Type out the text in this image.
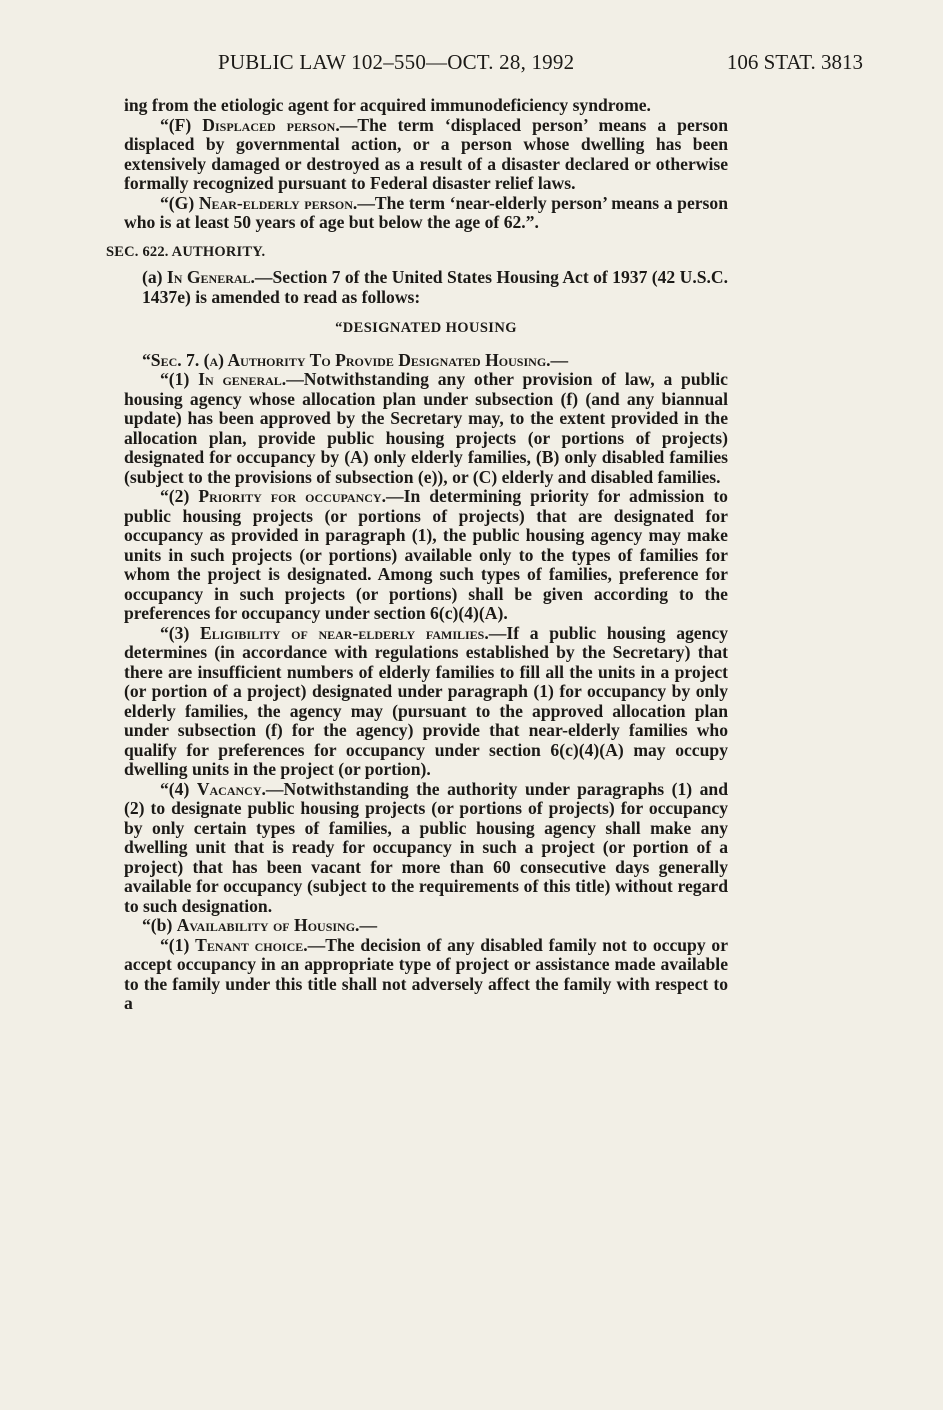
PUBLIC LAW 102–550—OCT. 28, 1992	106 STAT. 3813

ing from the etiologic agent for acquired immunodeficiency syndrome.

“(F) Displaced person.—The term ‘displaced person’ means a person displaced by governmental action, or a person whose dwelling has been extensively damaged or destroyed as a result of a disaster declared or otherwise formally recognized pursuant to Federal disaster relief laws.

“(G) Near-elderly person.—The term ‘near-elderly person’ means a person who is at least 50 years of age but below the age of 62.”.

SEC. 622. AUTHORITY.

(a) In General.—Section 7 of the United States Housing Act of 1937 (42 U.S.C. 1437e) is amended to read as follows:

“DESIGNATED HOUSING

“Sec. 7. (a) Authority To Provide Designated Housing.—

“(1) In general.—Notwithstanding any other provision of law, a public housing agency whose allocation plan under subsection (f) (and any biannual update) has been approved by the Secretary may, to the extent provided in the allocation plan, provide public housing projects (or portions of projects) designated for occupancy by (A) only elderly families, (B) only disabled families (subject to the provisions of subsection (e)), or (C) elderly and disabled families.

“(2) Priority for occupancy.—In determining priority for admission to public housing projects (or portions of projects) that are designated for occupancy as provided in paragraph (1), the public housing agency may make units in such projects (or portions) available only to the types of families for whom the project is designated. Among such types of families, preference for occupancy in such projects (or portions) shall be given according to the preferences for occupancy under section 6(c)(4)(A).

“(3) Eligibility of near-elderly families.—If a public housing agency determines (in accordance with regulations established by the Secretary) that there are insufficient numbers of elderly families to fill all the units in a project (or portion of a project) designated under paragraph (1) for occupancy by only elderly families, the agency may (pursuant to the approved allocation plan under subsection (f) for the agency) provide that near-elderly families who qualify for preferences for occupancy under section 6(c)(4)(A) may occupy dwelling units in the project (or portion).

“(4) Vacancy.—Notwithstanding the authority under paragraphs (1) and (2) to designate public housing projects (or portions of projects) for occupancy by only certain types of families, a public housing agency shall make any dwelling unit that is ready for occupancy in such a project (or portion of a project) that has been vacant for more than 60 consecutive days generally available for occupancy (subject to the requirements of this title) without regard to such designation.

“(b) Availability of Housing.—

“(1) Tenant choice.—The decision of any disabled family not to occupy or accept occupancy in an appropriate type of project or assistance made available to the family under this title shall not adversely affect the family with respect to a
